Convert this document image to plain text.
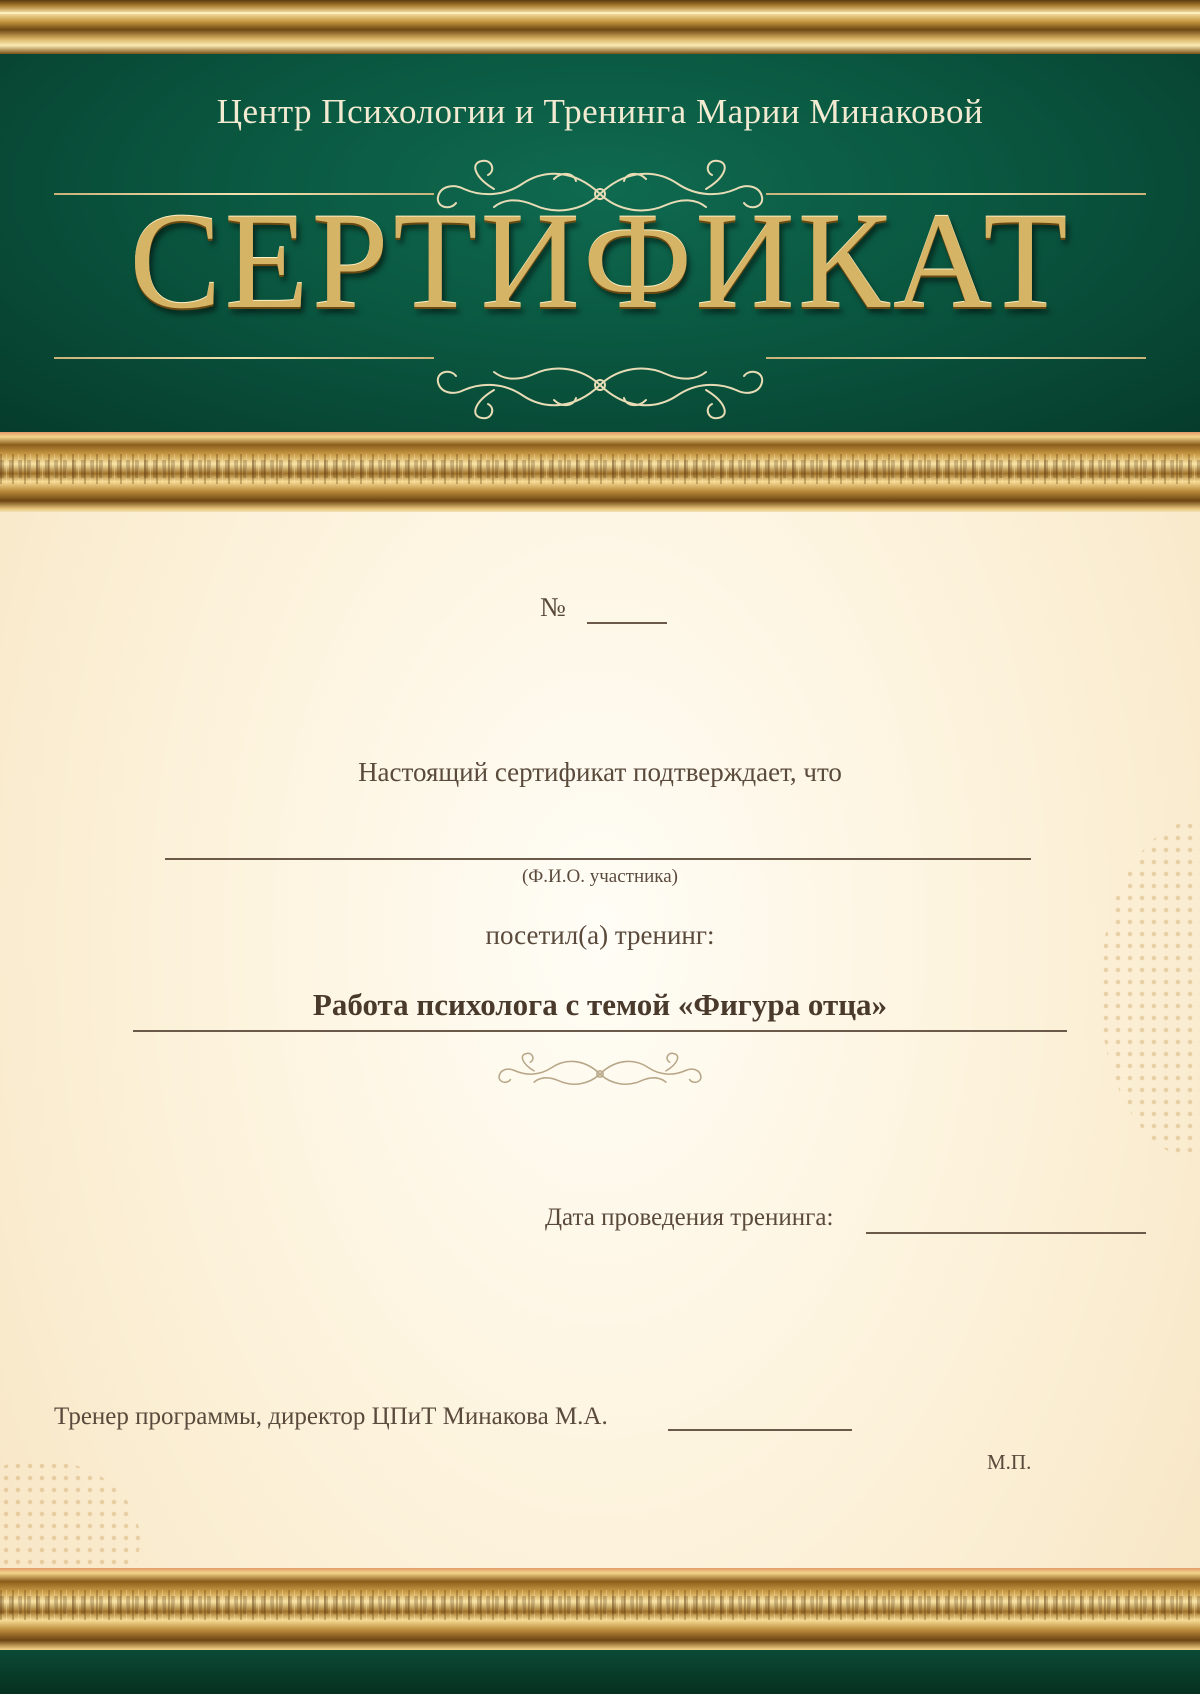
Центр Психологии и Тренинга Марии Минаковой
СЕРТИФИКАТ
№
Настоящий сертификат подтверждает, что
(Ф.И.О. участника)
посетил(а) тренинг:
Работа психолога с темой «Фигура отца»
Дата проведения тренинга:
Тренер программы, директор ЦПиТ Минакова М.А.
М.П.
